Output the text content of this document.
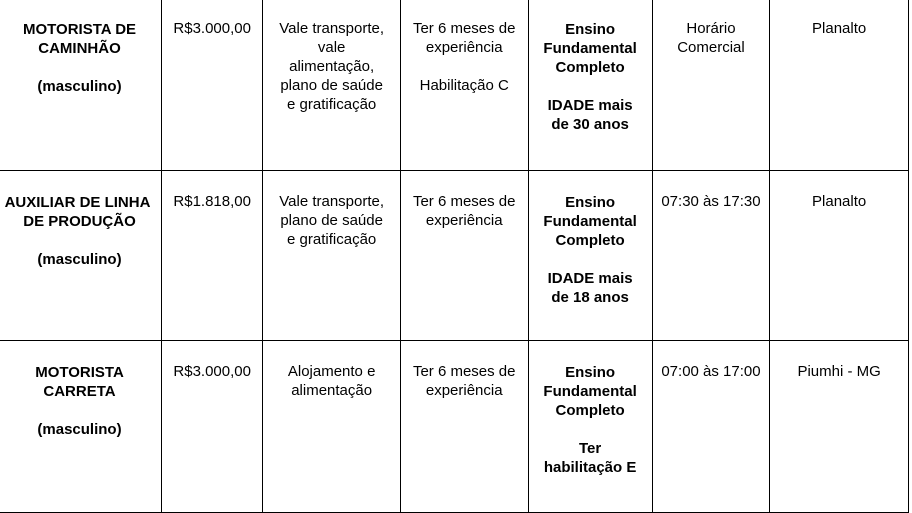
MOTORISTA DE
CAMINHÃO
(masculino)	R$3.000,00	Vale transporte,
vale
alimentação,
plano de saúde
e gratificação	Ter 6 meses de
experiência
Habilitação C	Ensino
Fundamental
Completo
IDADE mais
de 30 anos	Horário
Comercial	Planalto

AUXILIAR DE LINHA
DE PRODUÇÃO
(masculino)	R$1.818,00	Vale transporte,
plano de saúde
e gratificação	Ter 6 meses de
experiência	Ensino
Fundamental
Completo
IDADE mais
de 18 anos	07:30 às 17:30	Planalto

MOTORISTA
CARRETA
(masculino)	R$3.000,00	Alojamento e
alimentação	Ter 6 meses de
experiência	Ensino
Fundamental
Completo
Ter
habilitação E	07:00 às 17:00	Piumhi - MG
